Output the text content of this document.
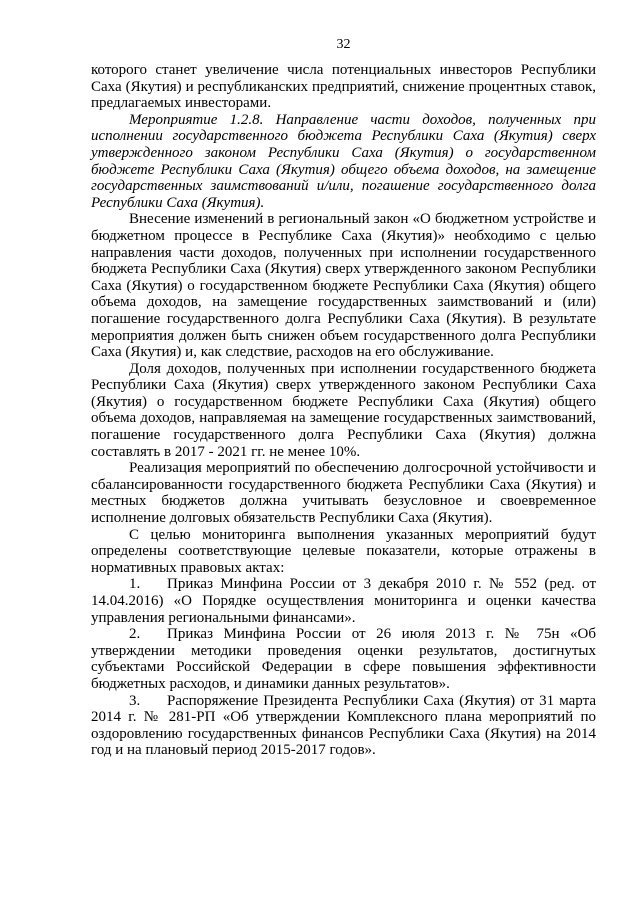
32

которого станет увеличение числа потенциальных инвесторов Республики Саха (Якутия) и республиканских предприятий, снижение процентных ставок, предлагаемых инвесторами.

Мероприятие 1.2.8. Направление части доходов, полученных при исполнении государственного бюджета Республики Саха (Якутия) сверх утвержденного законом Республики Саха (Якутия) о государственном бюджете Республики Саха (Якутия) общего объема доходов, на замещение государственных заимствований и/или, погашение государственного долга Республики Саха (Якутия).

Внесение изменений в региональный закон «О бюджетном устройстве и бюджетном процессе в Республике Саха (Якутия)» необходимо с целью направления части доходов, полученных при исполнении государственного бюджета Республики Саха (Якутия) сверх утвержденного законом Республики Саха (Якутия) о государственном бюджете Республики Саха (Якутия) общего объема доходов, на замещение государственных заимствований и (или) погашение государственного долга Республики Саха (Якутия). В результате мероприятия должен быть снижен объем государственного долга Республики Саха (Якутия) и, как следствие, расходов на его обслуживание.

Доля доходов, полученных при исполнении государственного бюджета Республики Саха (Якутия) сверх утвержденного законом Республики Саха (Якутия) о государственном бюджете Республики Саха (Якутия) общего объема доходов, направляемая на замещение государственных заимствований, погашение государственного долга Республики Саха (Якутия) должна составлять в 2017 - 2021 гг. не менее 10%.

Реализация мероприятий по обеспечению долгосрочной устойчивости и сбалансированности государственного бюджета Республики Саха (Якутия) и местных бюджетов должна учитывать безусловное и своевременное исполнение долговых обязательств Республики Саха (Якутия).

С целью мониторинга выполнения указанных мероприятий будут определены соответствующие целевые показатели, которые отражены в нормативных правовых актах:

1. Приказ Минфина России от 3 декабря 2010 г. № 552 (ред. от 14.04.2016) «О Порядке осуществления мониторинга и оценки качества управления региональными финансами».

2. Приказ Минфина России от 26 июля 2013 г. № 75н «Об утверждении методики проведения оценки результатов, достигнутых субъектами Российской Федерации в сфере повышения эффективности бюджетных расходов, и динамики данных результатов».

3. Распоряжение Президента Республики Саха (Якутия) от 31 марта 2014 г. № 281-РП «Об утверждении Комплексного плана мероприятий по оздоровлению государственных финансов Республики Саха (Якутия) на 2014 год и на плановый период 2015-2017 годов».
